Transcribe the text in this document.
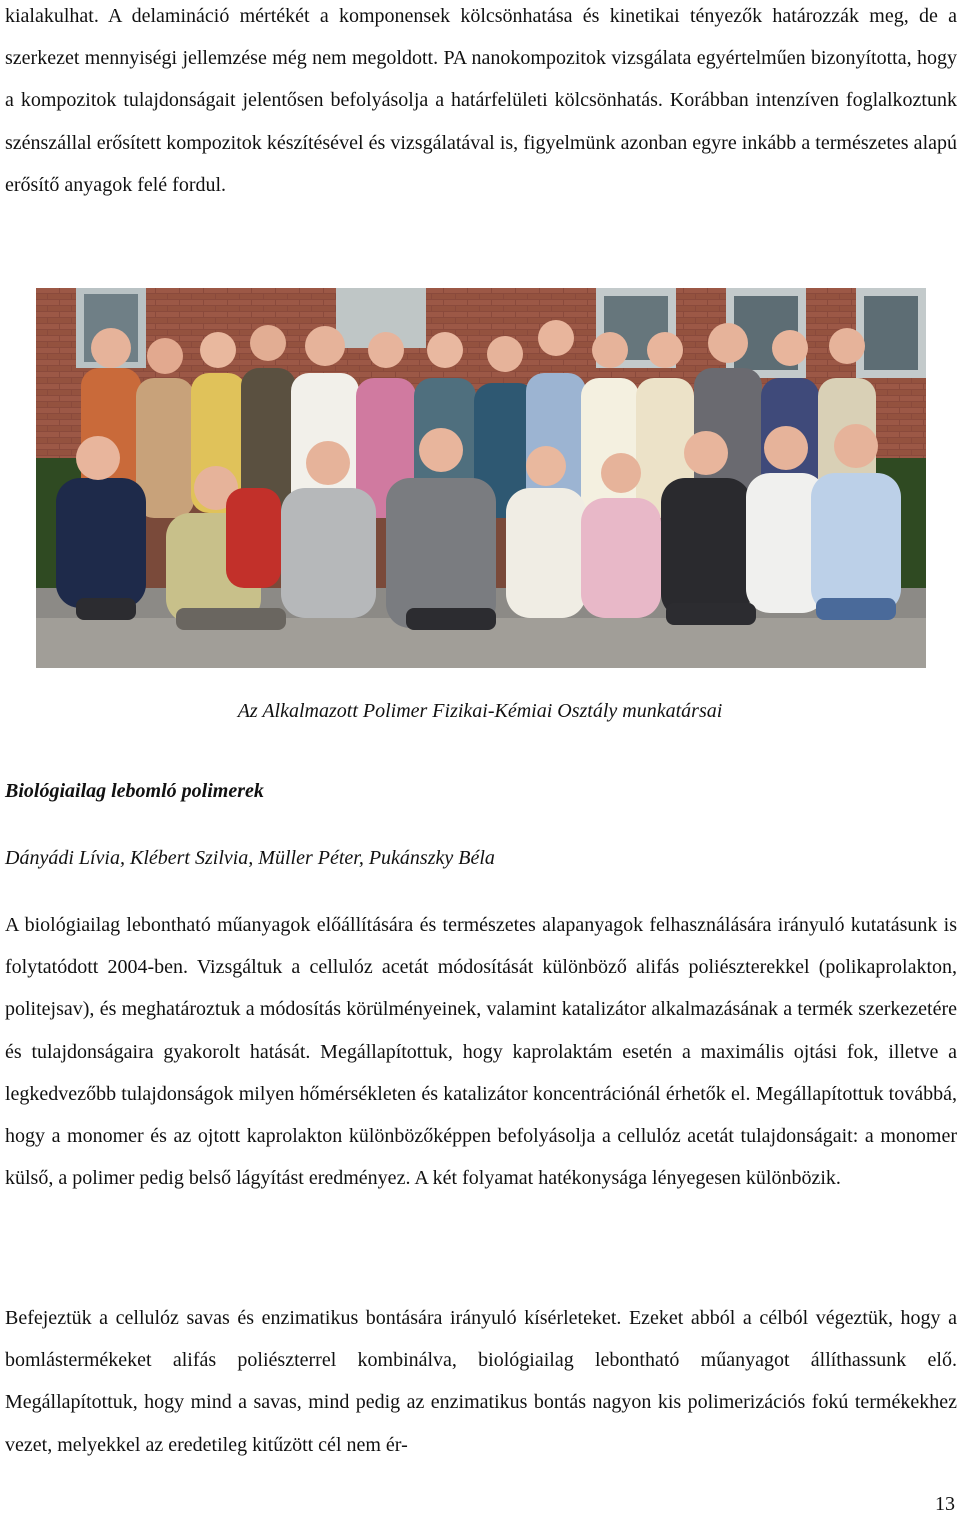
kialakulhat. A delamináció mértékét a komponensek kölcsönhatása és kinetikai tényezők határozzák meg, de a szerkezet mennyiségi jellemzése még nem megoldott. PA nanokompozitok vizsgálata egyértelműen bizonyította, hogy a kompozitok tulajdonságait jelentősen befolyásolja a határfelületi kölcsönhatás. Korábban intenzíven foglalkoztunk szénszállal erősített kompozitok készítésével és vizsgálatával is, figyelmünk azonban egyre inkább a természetes alapú erősítő anyagok felé fordul.

Az Alkalmazott Polimer Fizikai-Kémiai Osztály munkatársai

Biológiailag lebomló polimerek

Dányádi Lívia, Klébert Szilvia, Müller Péter, Pukánszky Béla

A biológiailag lebontható műanyagok előállítására és természetes alapanyagok felhasználására irányuló kutatásunk is folytatódott 2004-ben. Vizsgáltuk a cellulóz acetát módosítását különböző alifás poliészterekkel (polikaprolakton, politejsav), és meghatároztuk a módosítás körülményeinek, valamint katalizátor alkalmazásának a termék szerkezetére és tulajdonságaira gyakorolt hatását. Megállapítottuk, hogy kaprolaktám esetén a maximális ojtási fok, illetve a legkedvezőbb tulajdonságok milyen hőmérsékleten és katalizátor koncentrációnál érhetők el. Megállapítottuk továbbá, hogy a monomer és az ojtott kaprolakton különbözőképpen befolyásolja a cellulóz acetát tulajdonságait: a monomer külső, a polimer pedig belső lágyítást eredményez. A két folyamat hatékonysága lényegesen különbözik.

Befejeztük a cellulóz savas és enzimatikus bontására irányuló kísérleteket. Ezeket abból a célból végeztük, hogy a bomlástermékeket alifás poliészterrel kombinálva, biológiailag lebontható műanyagot állíthassunk elő. Megállapítottuk, hogy mind a savas, mind pedig az enzimatikus bontás nagyon kis polimerizációs fokú termékekhez vezet, melyekkel az eredetileg kitűzött cél nem ér-

13
